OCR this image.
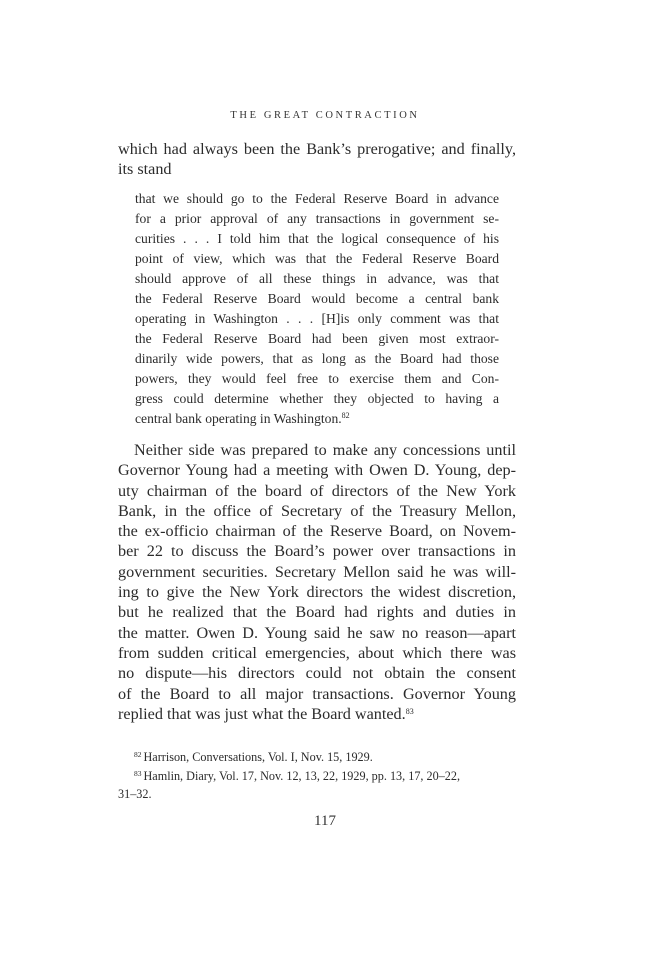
THE GREAT CONTRACTION

which had always been the Bank’s prerogative; and finally,
its stand

that we should go to the Federal Reserve Board in advance
for a prior approval of any transactions in government se-
curities . . . I told him that the logical consequence of his
point of view, which was that the Federal Reserve Board
should approve of all these things in advance, was that
the Federal Reserve Board would become a central bank
operating in Washington . . . [H]is only comment was that
the Federal Reserve Board had been given most extraor-
dinarily wide powers, that as long as the Board had those
powers, they would feel free to exercise them and Con-
gress could determine whether they objected to having a
central bank operating in Washington.$^{82}$

Neither side was prepared to make any concessions until
Governor Young had a meeting with Owen D. Young, dep-
uty chairman of the board of directors of the New York
Bank, in the office of Secretary of the Treasury Mellon,
the ex-officio chairman of the Reserve Board, on Novem-
ber 22 to discuss the Board’s power over transactions in
government securities. Secretary Mellon said he was will-
ing to give the New York directors the widest discretion,
but he realized that the Board had rights and duties in
the matter. Owen D. Young said he saw no reason—apart
from sudden critical emergencies, about which there was
no dispute—his directors could not obtain the consent
of the Board to all major transactions. Governor Young
replied that was just what the Board wanted.$^{83}$

$^{82}$ Harrison, Conversations, Vol. I, Nov. 15, 1929.
$^{83}$ Hamlin, Diary, Vol. 17, Nov. 12, 13, 22, 1929, pp. 13, 17, 20–22,
31–32.
117
